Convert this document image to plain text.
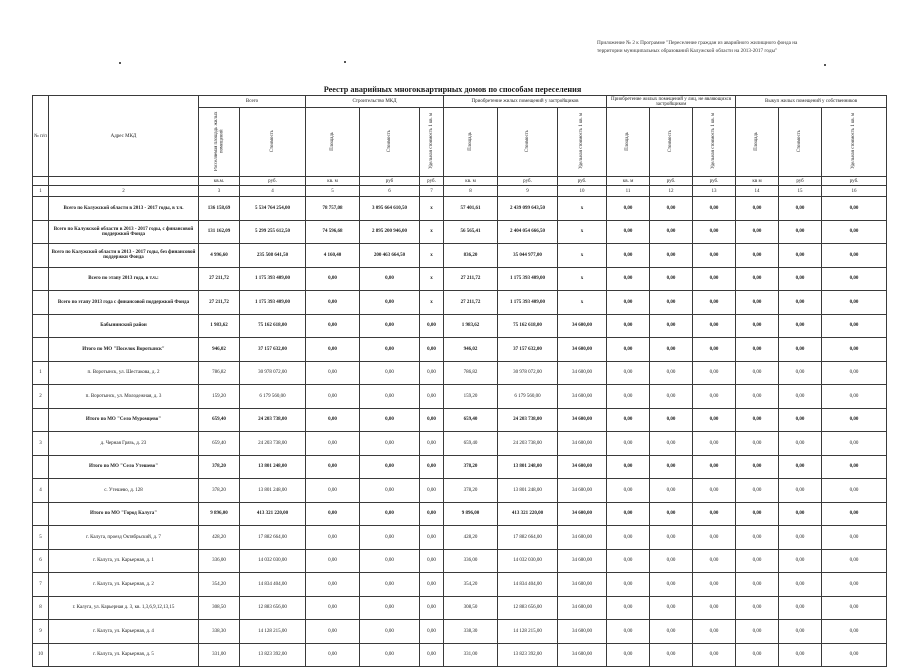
Приложение № 2 к Программе "Переселение граждан из аварийного жилищного фонда на территории муниципальных образований Калужской области на 2013-2017 годы"
Реестр аварийных многоквартирных домов по способам переселения
№ п/п	Адрес МКД	Всего		Строительство МКД			Приобретение жилых помещений у застройщиков			Приобретение жилых помещений у лиц, не являющихся застройщиком			Выкуп жилых помещений у собственников		
		Расселяемая площадь жилых помещений	Стоимость	Площадь	Стоимость	Удельная стоимость 1 кв. м	Площадь	Стоимость	Удельная стоимость 1 кв. м	Площадь	Стоимость	Удельная стоимость 1 кв. м	Площадь	Стоимость	Удельная стоимость 1 кв. м
		кв.м.	руб.	кв. м	руб	руб.	кв. м	руб.	руб.	кв. м	руб.	руб.	кв м	руб	руб.
1	2	3	4	5	6	7	8	9	10	11	12	13	14	15	16
	Всего по Калужской области в 2013 - 2017 годы, в т.ч.	136 158,69	5 534 764 254,00	78 757,08	3 095 664 610,50	x	57 401,61	2 439 099 643,50	x	0,00	0,00	0,00	0,00	0,00	0,00
	Всего по Калужской области в 2013 - 2017 годы, с финансовой поддержкой Фонда	131 162,09	5 299 255 612,50	74 596,68	2 895 200 946,00	x	56 565,41	2 404 054 666,50	x	0,00	0,00	0,00	0,00	0,00	0,00
	Всего по Калужской области в 2013 - 2017 годы, без финансовой поддержки Фонда	4 996,60	235 508 641,50	4 160,40	200 463 664,50	x	836,20	35 044 977,00	x	0,00	0,00	0,00	0,00	0,00	0,00
	Всего по этапу 2013 года, в т.ч.:	27 211,72	1 175 393 409,00	0,00	0,00	x	27 211,72	1 175 393 409,00	x	0,00	0,00	0,00	0,00	0,00	0,00
	Всего по этапу 2013 года с финансовой поддержкой Фонда	27 211,72	1 175 393 409,00	0,00	0,00	x	27 211,72	1 175 393 409,00	x	0,00	0,00	0,00	0,00	0,00	0,00
	Бабынинский район	1 983,62	75 162 618,00	0,00	0,00	0,00	1 983,62	75 162 618,00	34 600,00	0,00	0,00	0,00	0,00	0,00	0,00
	Итого по МО "Поселок Воротынск"	946,02	37 157 632,00	0,00	0,00	0,00	946,02	37 157 632,00	34 600,00	0,00	0,00	0,00	0,00	0,00	0,00
1	п. Воротынск, ул. Шестакова, д. 2	786,82	30 978 072,00	0,00	0,00	0,00	786,82	30 978 072,00	34 600,00	0,00	0,00	0,00	0,00	0,00	0,00
2	п. Воротынск, ул. Молодежная, д. 3	159,20	6 179 560,00	0,00	0,00	0,00	159,20	6 179 560,00	34 600,00	0,00	0,00	0,00	0,00	0,00	0,00
	Итого по МО "Село Муромцево"	659,40	24 203 738,00	0,00	0,00	0,00	659,40	24 203 738,00	34 600,00	0,00	0,00	0,00	0,00	0,00	0,00
3	д. Черная Грязь, д. 23	659,40	24 203 738,00	0,00	0,00	0,00	659,40	24 203 738,00	34 600,00	0,00	0,00	0,00	0,00	0,00	0,00
	Итого по МО "Село Утешево"	378,20	13 801 248,00	0,00	0,00	0,00	378,20	13 801 248,00	34 600,00	0,00	0,00	0,00	0,00	0,00	0,00
4	с. Утешево, д. 128	378,20	13 801 248,00	0,00	0,00	0,00	378,20	13 801 248,00	34 600,00	0,00	0,00	0,00	0,00	0,00	0,00
	Итого по МО "Город Калуга"	9 896,00	413 321 220,00	0,00	0,00	0,00	9 896,00	413 321 220,00	34 600,00	0,00	0,00	0,00	0,00	0,00	0,00
5	г. Калуга, проезд Октябрьский, д. 7	428,20	17 882 664,00	0,00	0,00	0,00	428,20	17 882 664,00	34 600,00	0,00	0,00	0,00	0,00	0,00	0,00
6	г. Калуга, ул. Карьерная, д. 1	336,00	14 032 030,00	0,00	0,00	0,00	336,00	14 032 030,00	34 600,00	0,00	0,00	0,00	0,00	0,00	0,00
7	г. Калуга, ул. Карьерная, д. 2	354,20	14 834 404,00	0,00	0,00	0,00	354,20	14 834 404,00	34 600,00	0,00	0,00	0,00	0,00	0,00	0,00
8	г. Калуга, ул. Карьерная д. 3, кв. 1,3,6,9,12,13,15	308,50	12 883 656,00	0,00	0,00	0,00	308,50	12 883 656,00	34 600,00	0,00	0,00	0,00	0,00	0,00	0,00
9	г. Калуга, ул. Карьерная, д. 4	338,30	14 128 215,00	0,00	0,00	0,00	338,30	14 128 215,00	34 600,00	0,00	0,00	0,00	0,00	0,00	0,00
10	г. Калуга, ул. Карьерная, д. 5	331,00	13 823 392,00	0,00	0,00	0,00	331,00	13 823 392,00	34 600,00	0,00	0,00	0,00	0,00	0,00	0,00
